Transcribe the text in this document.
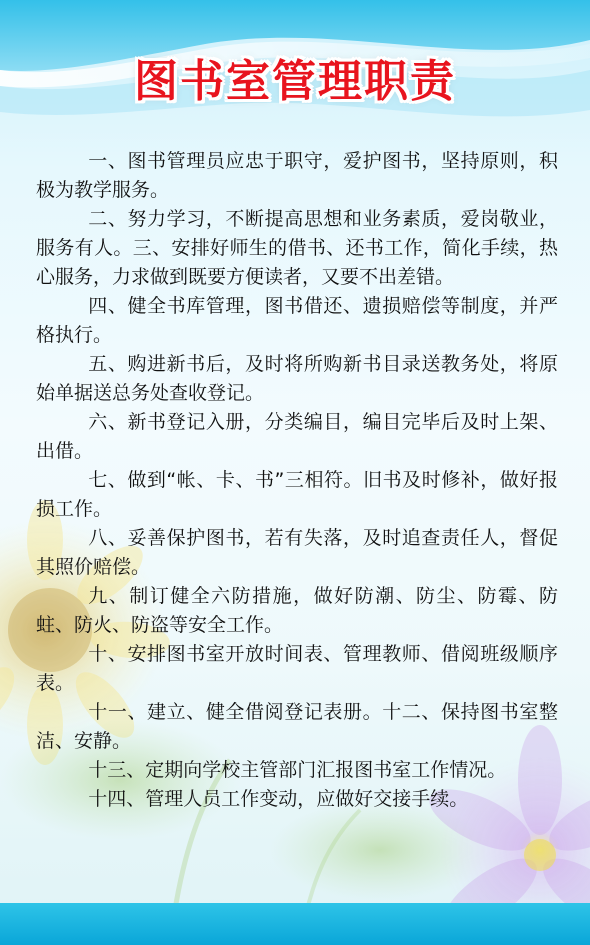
图书室管理职责

一、图书管理员应忠于职守，爱护图书，坚持原则，积极为教学服务。

二、努力学习，不断提高思想和业务素质，爱岗敬业，服务有人。三、安排好师生的借书、还书工作，简化手续，热心服务，力求做到既要方便读者，又要不出差错。

四、健全书库管理，图书借还、遗损赔偿等制度，并严格执行。

五、购进新书后，及时将所购新书目录送教务处，将原始单据送总务处查收登记。

六、新书登记入册，分类编目，编目完毕后及时上架、出借。

七、做到“帐、卡、书”三相符。旧书及时修补，做好报损工作。

八、妥善保护图书，若有失落，及时追查责任人，督促其照价赔偿。

九、制订健全六防措施，做好防潮、防尘、防霉、防蛀、防火、防盗等安全工作。

十、安排图书室开放时间表、管理教师、借阅班级顺序表。

十一、建立、健全借阅登记表册。十二、保持图书室整洁、安静。

十三、定期向学校主管部门汇报图书室工作情况。

十四、管理人员工作变动，应做好交接手续。
